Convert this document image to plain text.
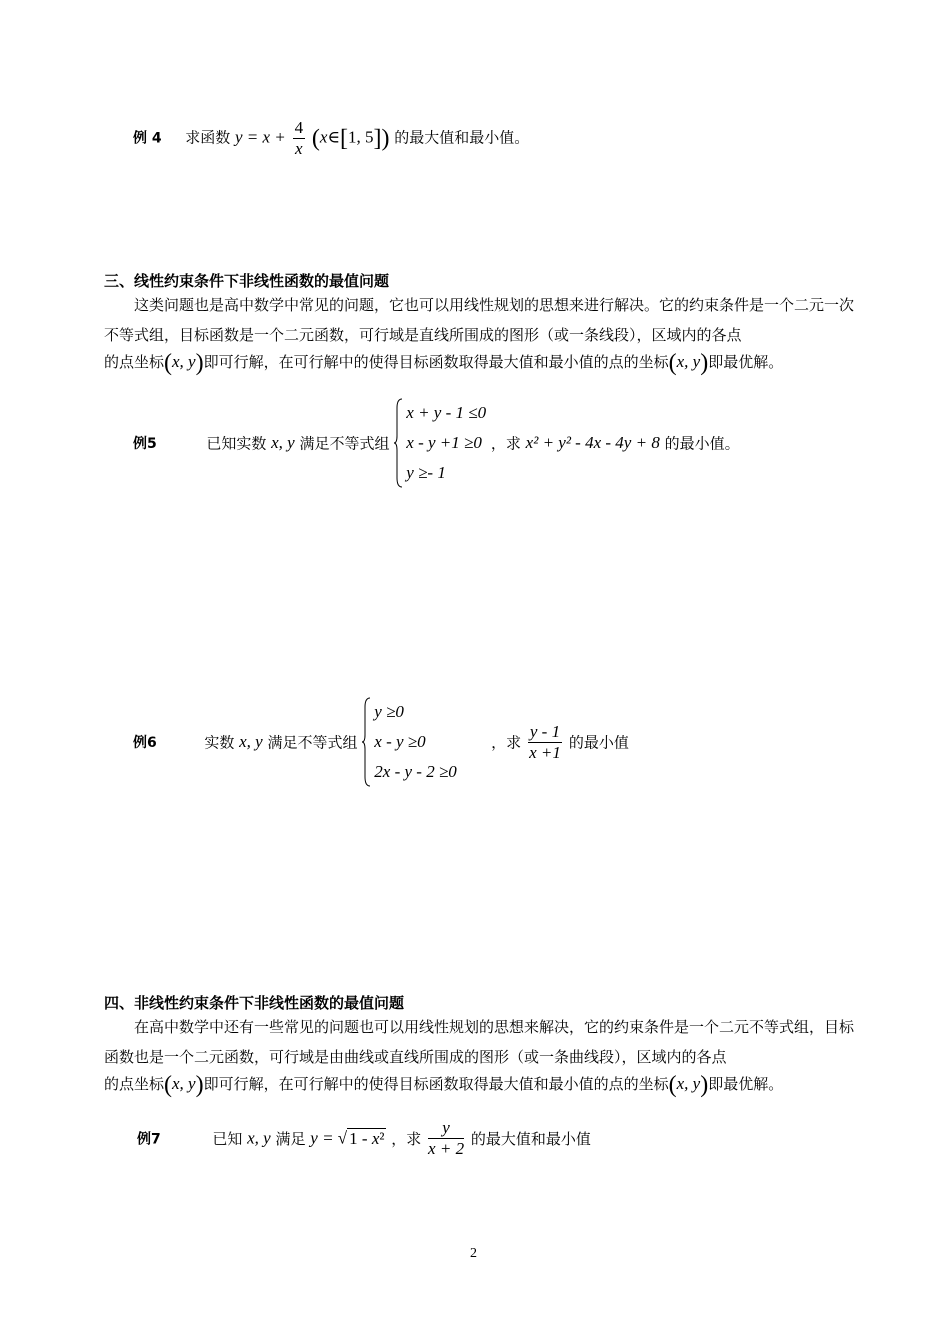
例 4 求函数 $y = x + \frac{4}{x}$ (x∈[1, 5]) 的最大值和最小值。
三、线性约束条件下非线性函数的最值问题
这类问题也是高中数学中常见的问题，它也可以用线性规划的思想来进行解决。它的约束条件是一个二元一次不等式组，目标函数是一个二元函数，可行域是直线所围成的图形（或一条线段），区域内的各点
的点坐标(x, y)即可行解，在可行解中的使得目标函数取得最大值和最小值的点的坐标(x, y)即最优解。
例5	已知实数 x, y 满足不等式组
x + y - 1 ≤0
x - y +1 ≥0
y ≥- 1
，求 x² + y² - 4x - 4y + 8 的最小值。
例6	实数 x, y 满足不等式组
y ≥0
x - y ≥0
2x - y - 2 ≥0
，求 $\frac{y - 1}{x +1}$ 的最小值
四、非线性约束条件下非线性函数的最值问题
在高中数学中还有一些常见的问题也可以用线性规划的思想来解决，它的约束条件是一个二元不等式组，目标函数也是一个二元函数，可行域是由曲线或直线所围成的图形（或一条曲线段），区域内的各点
的点坐标(x, y)即可行解，在可行解中的使得目标函数取得最大值和最小值的点的坐标(x, y)即最优解。
例7	已知 x, y 满足 y = √ 1 - x² ，求 $\frac{y}{x + 2}$ 的最大值和最小值
2
